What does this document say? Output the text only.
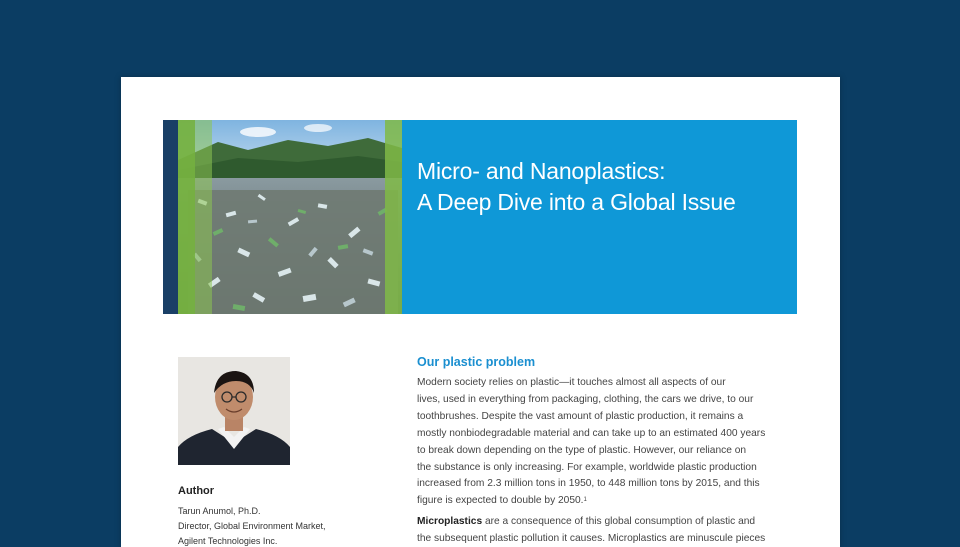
Micro- and Nanoplastics:
A Deep Dive into a Global Issue
Author
Tarun Anumol, Ph.D.
Director, Global Environment Market,
Agilent Technologies Inc.
Our plastic problem

Modern society relies on plastic—it touches almost all aspects of our
lives, used in everything from packaging, clothing, the cars we drive, to our
toothbrushes. Despite the vast amount of plastic production, it remains a
mostly nonbiodegradable material and can take up to an estimated 400 years
to break down depending on the type of plastic. However, our reliance on
the substance is only increasing. For example, worldwide plastic production
increased from 2.3 million tons in 1950, to 448 million tons by 2015, and this
figure is expected to double by 2050.$^1$

Microplastics are a consequence of this global consumption of plastic and
the subsequent plastic pollution it causes. Microplastics are minuscule pieces
